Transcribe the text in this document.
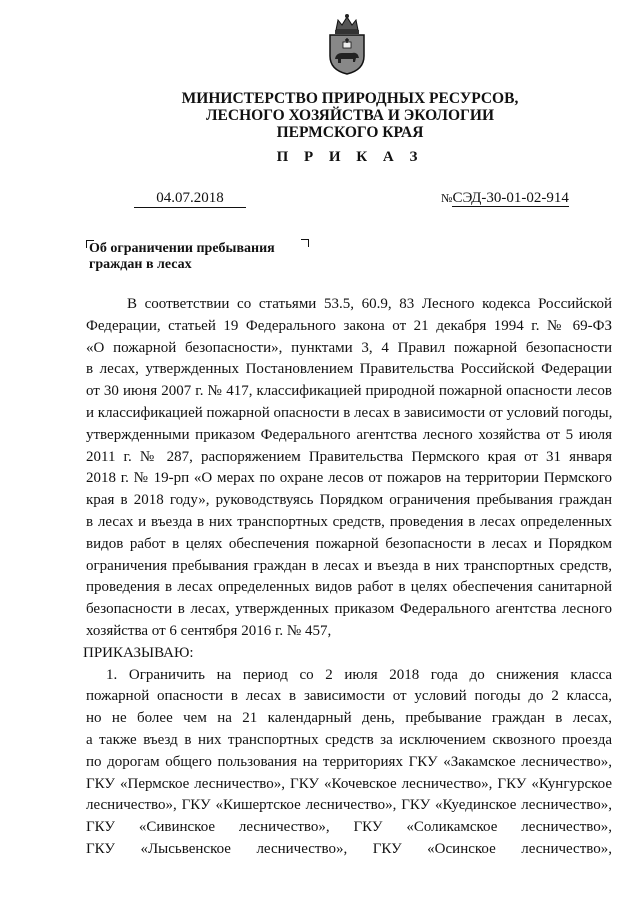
МИНИСТЕРСТВО ПРИРОДНЫХ РЕСУРСОВ,
ЛЕСНОГО ХОЗЯЙСТВА И ЭКОЛОГИИ
ПЕРМСКОГО КРАЯ
П Р И К А З
04.07.2018	№СЭД-30-01-02-914
Об ограничении пребывания
граждан в лесах
В соответствии со статьями 53.5, 60.9, 83 Лесного кодекса Российской
Федерации, статьей 19 Федерального закона от 21 декабря 1994 г. № 69-ФЗ
«О пожарной безопасности», пунктами 3, 4 Правил пожарной безопасности
в лесах, утвержденных Постановлением Правительства Российской Федерации
от 30 июня 2007 г. № 417, классификацией природной пожарной опасности лесов
и классификацией пожарной опасности в лесах в зависимости от условий погоды,
утвержденными приказом Федерального агентства лесного хозяйства от 5 июля
2011 г. № 287, распоряжением Правительства Пермского края от 31 января
2018 г. № 19-рп «О мерах по охране лесов от пожаров на территории Пермского
края в 2018 году», руководствуясь Порядком ограничения пребывания граждан
в лесах и въезда в них транспортных средств, проведения в лесах определенных
видов работ в целях обеспечения пожарной безопасности в лесах и Порядком
ограничения пребывания граждан в лесах и въезда в них транспортных средств,
проведения в лесах определенных видов работ в целях обеспечения санитарной
безопасности в лесах, утвержденных приказом Федерального агентства лесного
хозяйства от 6 сентября 2016 г. № 457,
ПРИКАЗЫВАЮ:
1. Ограничить на период со 2 июля 2018 года до снижения класса
пожарной опасности в лесах в зависимости от условий погоды до 2 класса,
но не более чем на 21 календарный день, пребывание граждан в лесах,
а также въезд в них транспортных средств за исключением сквозного проезда
по дорогам общего пользования на территориях ГКУ «Закамское лесничество»,
ГКУ «Пермское лесничество», ГКУ «Кочевское лесничество», ГКУ «Кунгурское
лесничество», ГКУ «Кишертское лесничество», ГКУ «Куединское лесничество»,
ГКУ «Сивинское лесничество», ГКУ «Соликамское лесничество»,
ГКУ «Лысьвенское лесничество», ГКУ «Осинское лесничество»,
